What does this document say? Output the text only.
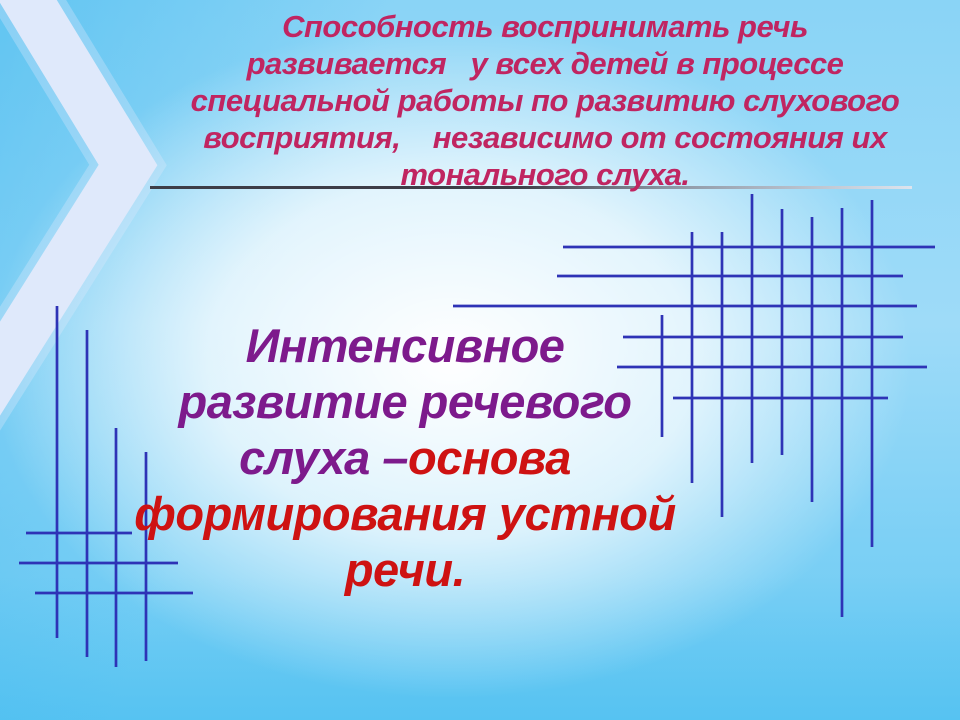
Способность воспринимать речь
развивается   у всех детей в процессе
специальной работы по развитию слухового
восприятия,    независимо от состояния их
тонального слуха.
Интенсивное
развитие речевого
слуха –основа
формирования устной
речи.
